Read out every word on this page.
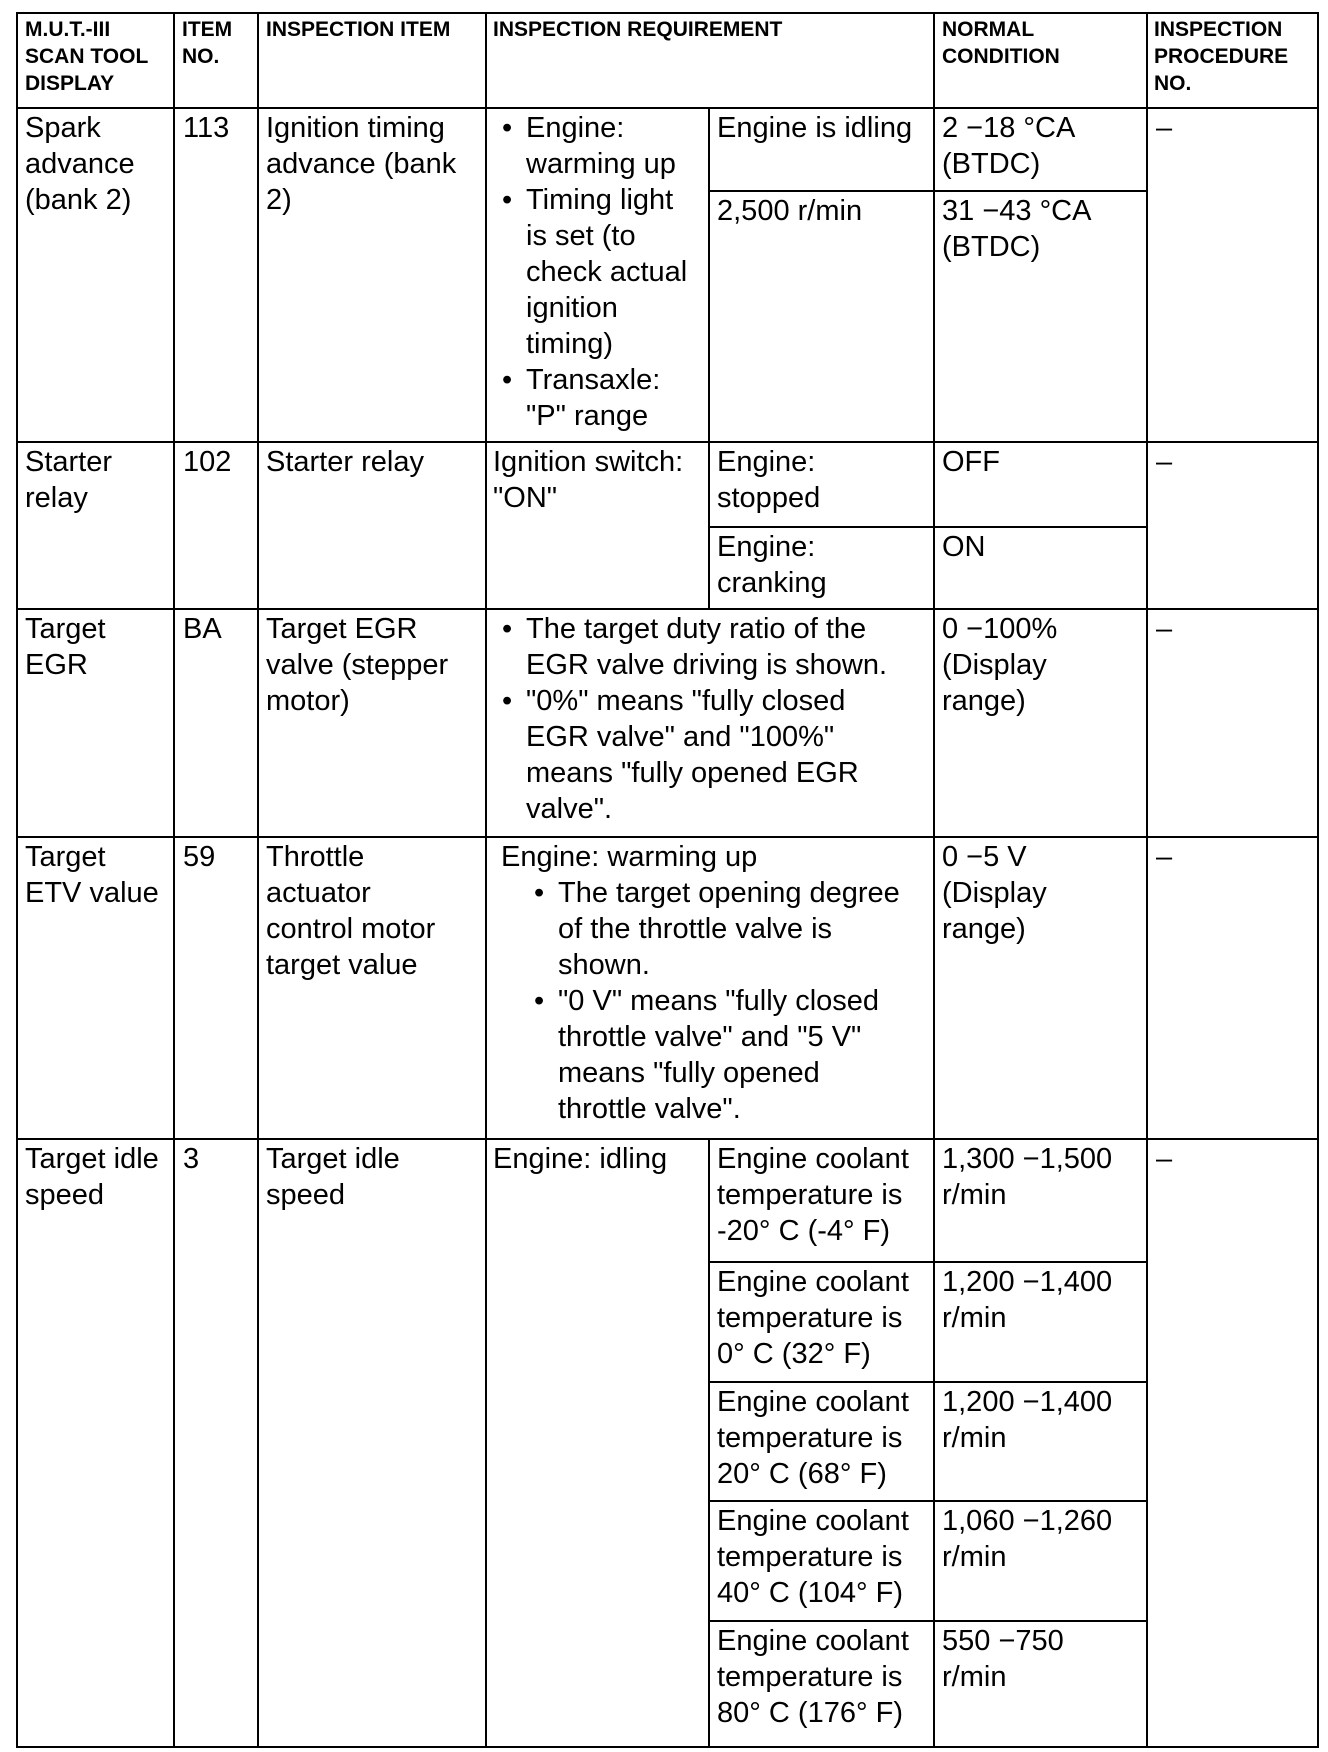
M.U.T.-III
SCAN TOOL
DISPLAY
ITEM
NO.
INSPECTION ITEM INSPECTION REQUIREMENT	NORMAL
CONDITION
INSPECTION
PROCEDURE
NO.
Spark
advance
(bank 2)
113 Ignition timing
advance (bank
2)
• Engine:
warming up
• Timing light
is set (to
check actual
ignition
timing)
• Transaxle:
"P" range
Engine is idling 2 −18 °CA
(BTDC)
2,500 r/min	31 −43 °CA
(BTDC)
–
Starter
relay
102 Starter relay Ignition switch:
"ON"
Engine:
stopped
OFF
Engine:
cranking
ON
–
Target
EGR
BA Target EGR
valve (stepper
motor)
• The target duty ratio of the
EGR valve driving is shown.
• "0%" means "fully closed
EGR valve" and "100%"
means "fully opened EGR
valve".
0 −100%
(Display
range)
–
Target
ETV value
59 Throttle
actuator
control motor
target value
Engine: warming up
• The target opening degree
of the throttle valve is
shown.
• "0 V" means "fully closed
throttle valve" and "5 V"
means "fully opened
throttle valve".
0 −5 V
(Display
range)
–
Target idle
speed
3 Target idle
speed
Engine: idling Engine coolant
temperature is
-20° C (-4° F)
1,300 −1,500
r/min
Engine coolant
temperature is
0° C (32° F)
1,200 −1,400
r/min
Engine coolant
temperature is
20° C (68° F)
1,200 −1,400
r/min
Engine coolant
temperature is
40° C (104° F)
1,060 −1,260
r/min
Engine coolant
temperature is
80° C (176° F)
550 −750
r/min
–
